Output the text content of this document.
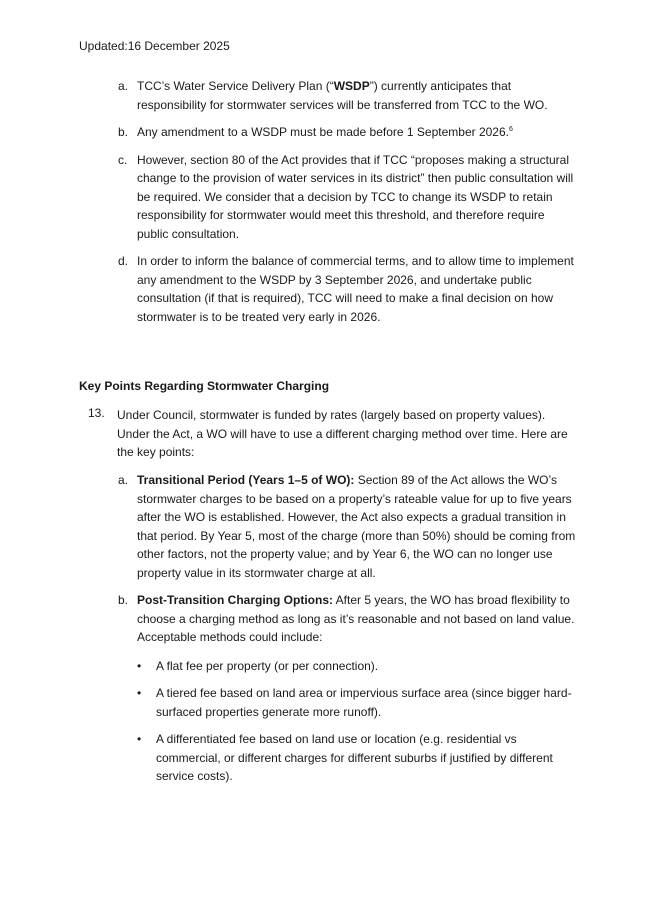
Updated:16 December 2025
a. TCC’s Water Service Delivery Plan (“WSDP”) currently anticipates that responsibility for stormwater services will be transferred from TCC to the WO.
b. Any amendment to a WSDP must be made before 1 September 2026.$^6$
c. However, section 80 of the Act provides that if TCC “proposes making a structural change to the provision of water services in its district” then public consultation will be required. We consider that a decision by TCC to change its WSDP to retain responsibility for stormwater would meet this threshold, and therefore require public consultation.
d. In order to inform the balance of commercial terms, and to allow time to implement any amendment to the WSDP by 3 September 2026, and undertake public consultation (if that is required), TCC will need to make a final decision on how stormwater is to be treated very early in 2026.
Key Points Regarding Stormwater Charging
13. Under Council, stormwater is funded by rates (largely based on property values). Under the Act, a WO will have to use a different charging method over time. Here are the key points:
a. Transitional Period (Years 1–5 of WO): Section 89 of the Act allows the WO’s stormwater charges to be based on a property’s rateable value for up to five years after the WO is established. However, the Act also expects a gradual transition in that period. By Year 5, most of the charge (more than 50%) should be coming from other factors, not the property value; and by Year 6, the WO can no longer use property value in its stormwater charge at all.
b. Post-Transition Charging Options: After 5 years, the WO has broad flexibility to choose a charging method as long as it’s reasonable and not based on land value. Acceptable methods could include:
• A flat fee per property (or per connection).
• A tiered fee based on land area or impervious surface area (since bigger hard-surfaced properties generate more runoff).
• A differentiated fee based on land use or location (e.g. residential vs commercial, or different charges for different suburbs if justified by different service costs).
